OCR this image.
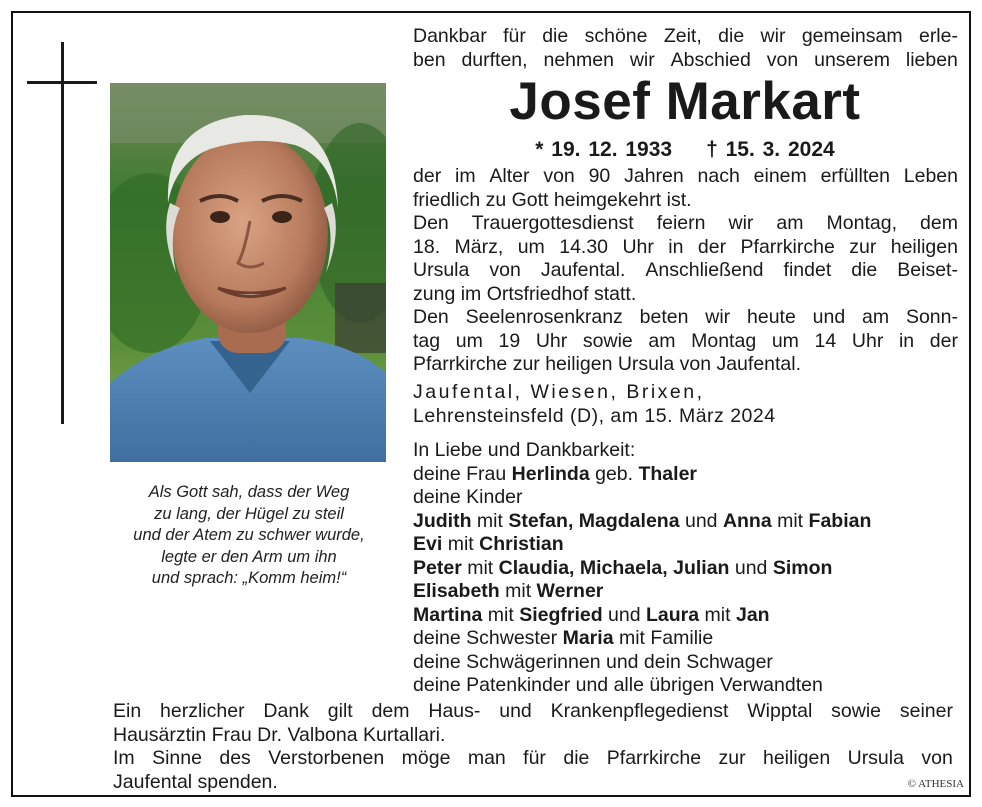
Als Gott sah, dass der Weg
zu lang, der Hügel zu steil
und der Atem zu schwer wurde,
legte er den Arm um ihn
und sprach: „Komm heim!“
Dankbar für die schöne Zeit, die wir gemeinsam erle-
ben durften, nehmen wir Abschied von unserem lieben
Josef Markart
* 19. 12. 1933 † 15. 3. 2024
der im Alter von 90 Jahren nach einem erfüllten Leben
friedlich zu Gott heimgekehrt ist.
Den Trauergottesdienst feiern wir am Montag, dem
18. März, um 14.30 Uhr in der Pfarrkirche zur heiligen
Ursula von Jaufental. Anschließend findet die Beiset-
zung im Ortsfriedhof statt.
Den Seelenrosenkranz beten wir heute und am Sonn-
tag um 19 Uhr sowie am Montag um 14 Uhr in der
Pfarrkirche zur heiligen Ursula von Jaufental.
Jaufental, Wiesen, Brixen,
Lehrensteinsfeld (D), am 15. März 2024
In Liebe und Dankbarkeit:
deine Frau Herlinda geb. Thaler
deine Kinder
Judith mit Stefan, Magdalena und Anna mit Fabian
Evi mit Christian
Peter mit Claudia, Michaela, Julian und Simon
Elisabeth mit Werner
Martina mit Siegfried und Laura mit Jan
deine Schwester Maria mit Familie
deine Schwägerinnen und dein Schwager
deine Patenkinder und alle übrigen Verwandten
Ein herzlicher Dank gilt dem Haus- und Krankenpflegedienst Wipptal sowie seiner
Hausärztin Frau Dr. Valbona Kurtallari.
Im Sinne des Verstorbenen möge man für die Pfarrkirche zur heiligen Ursula von
Jaufental spenden.	© ATHESIA
